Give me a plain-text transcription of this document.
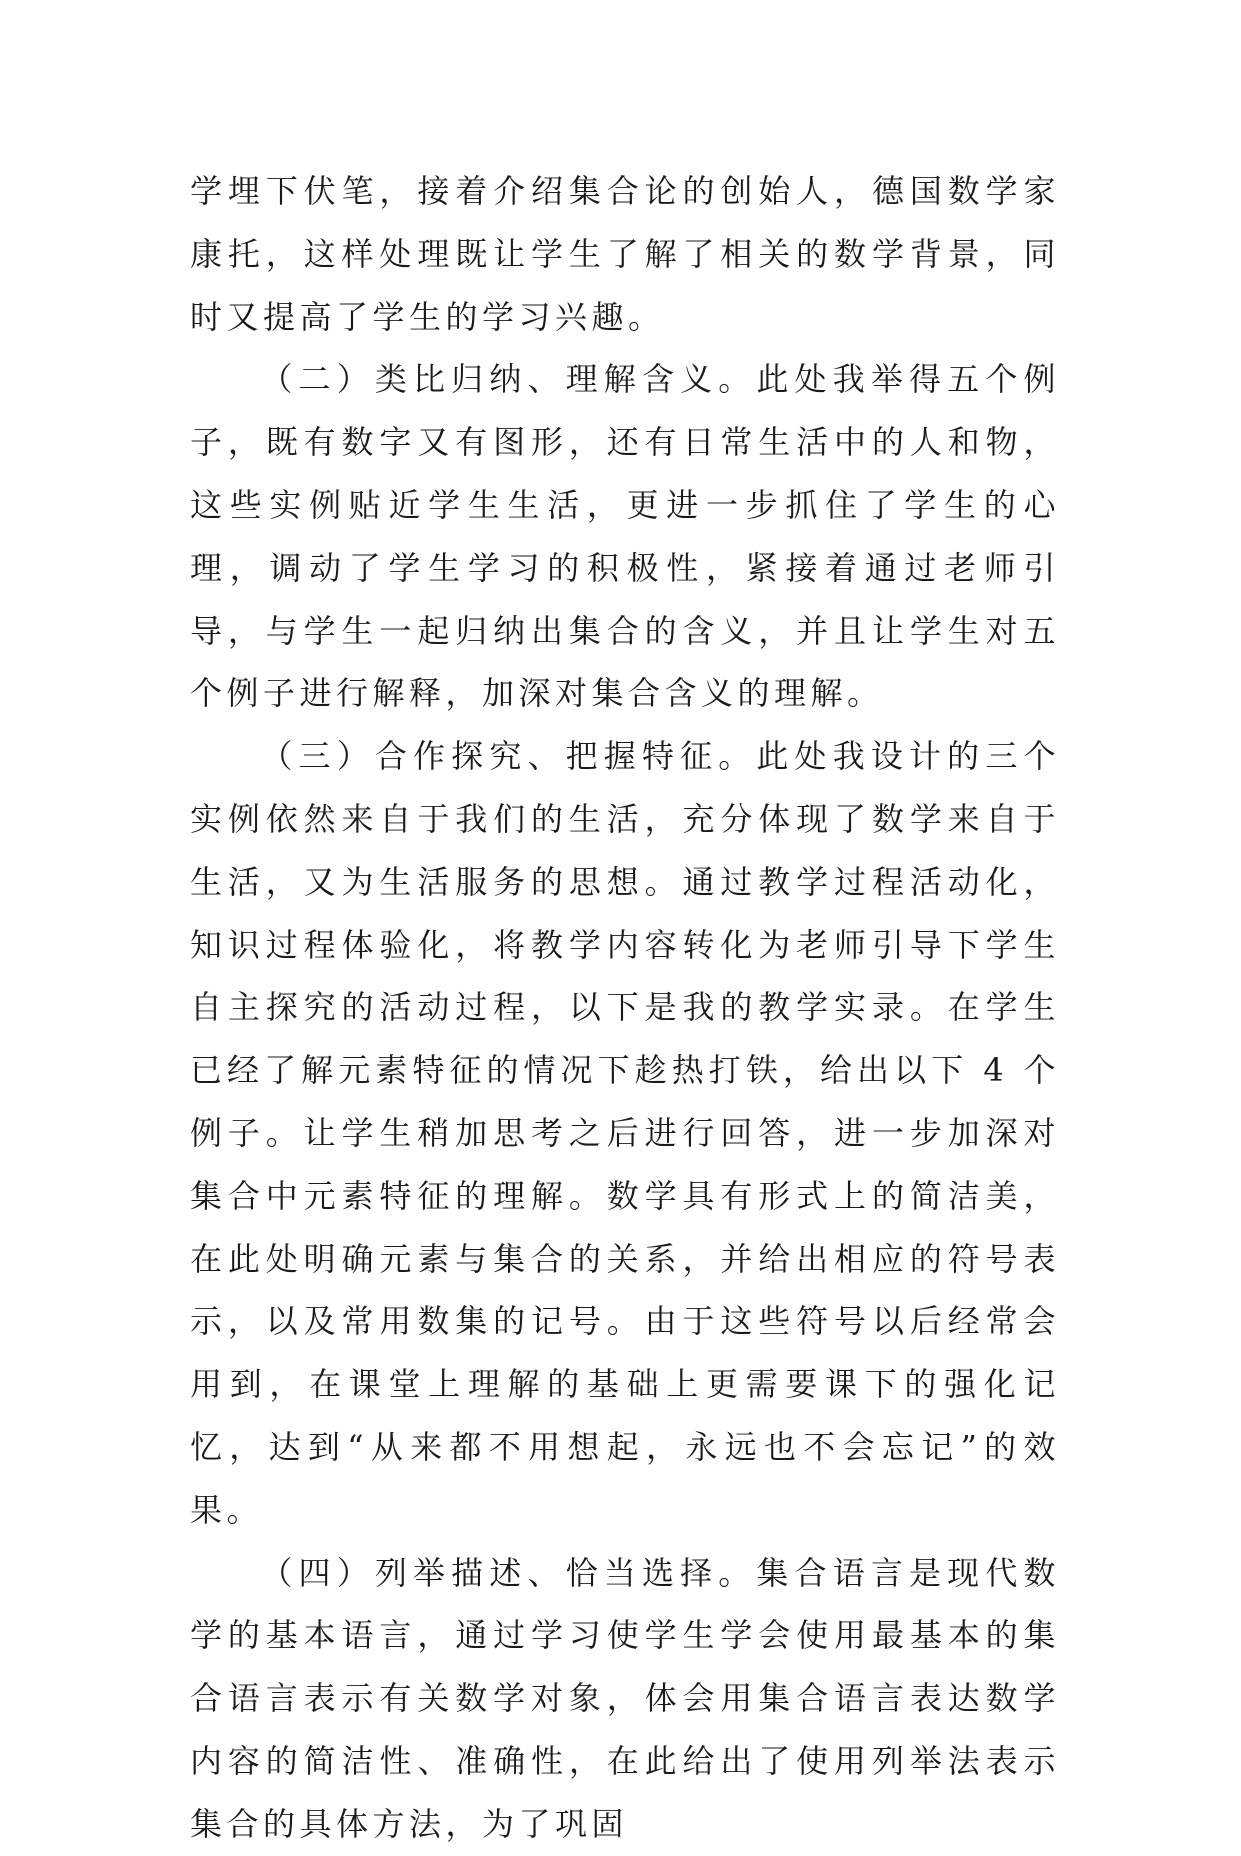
学埋下伏笔，接着介绍集合论的创始人，德国数学家康托，这样处理既让学生了解了相关的数学背景，同时又提高了学生的学习兴趣。

（二）类比归纳、理解含义。此处我举得五个例子，既有数字又有图形，还有日常生活中的人和物，这些实例贴近学生生活，更进一步抓住了学生的心理，调动了学生学习的积极性，紧接着通过老师引导，与学生一起归纳出集合的含义，并且让学生对五个例子进行解释，加深对集合含义的理解。

（三）合作探究、把握特征。此处我设计的三个实例依然来自于我们的生活，充分体现了数学来自于生活，又为生活服务的思想。通过教学过程活动化，知识过程体验化，将教学内容转化为老师引导下学生自主探究的活动过程，以下是我的教学实录。在学生已经了解元素特征的情况下趁热打铁，给出以下 4 个例子。让学生稍加思考之后进行回答，进一步加深对集合中元素特征的理解。数学具有形式上的简洁美，在此处明确元素与集合的关系，并给出相应的符号表示，以及常用数集的记号。由于这些符号以后经常会用到，在课堂上理解的基础上更需要课下的强化记忆，达到“从来都不用想起，永远也不会忘记”的效果。

（四）列举描述、恰当选择。集合语言是现代数学的基本语言，通过学习使学生学会使用最基本的集合语言表示有关数学对象，体会用集合语言表达数学内容的简洁性、准确性，在此给出了使用列举法表示集合的具体方法，为了巩固
